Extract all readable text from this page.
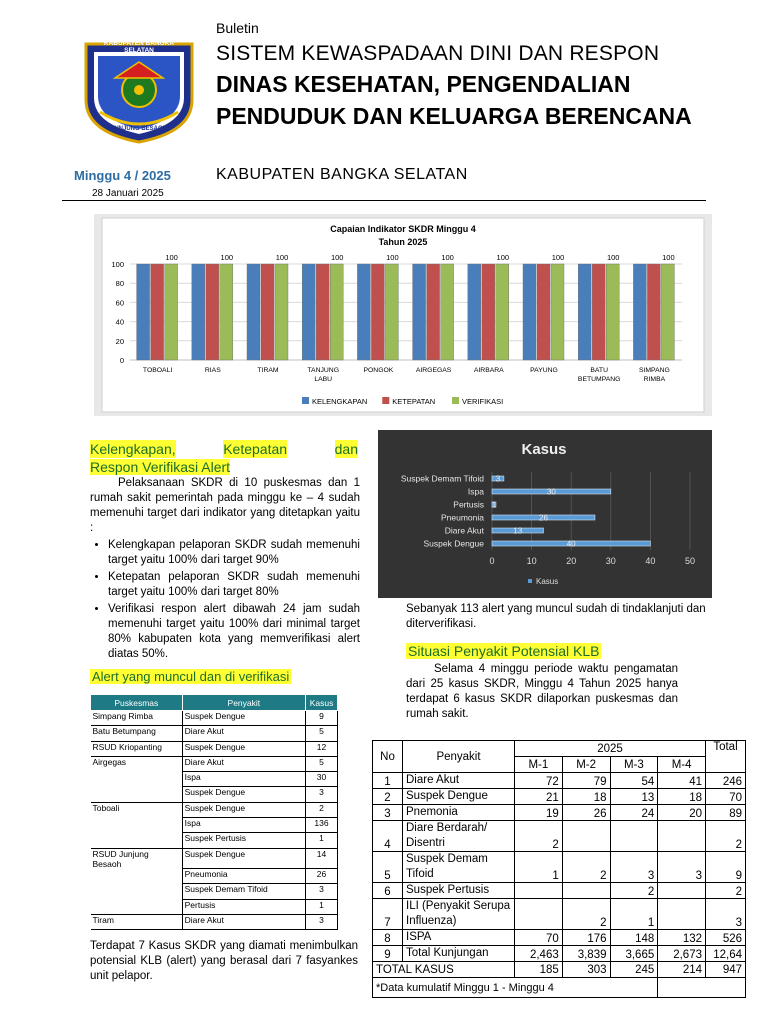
KABUPATEN BANGKA SELATAN
JUNJUNG BESAOH
Buletin
SISTEM KEWASPADAAN DINI DAN RESPON
DINAS KESEHATAN, PENGENDALIAN PENDUDUK DAN KELUARGA BERENCANA
Minggu 4 / 2025
28 Januari 2025
KABUPATEN BANGKA SELATAN
Capaian Indikator SKDR Minggu 4
Tahun 2025
0
20
40
60
80
100
100
TOBOALI
100
RIAS
100
TIRAM
100
TANJUNG
LABU
100
PONGOK
100
AIRGEGAS
100
AIRBARA
100
PAYUNG
100
BATU
BETUMPANG
100
SIMPANG
RIMBA
KELENGKAPAN	KETEPATAN	VERIFIKASI
Kelengkapan,	Ketepatan	dan
Respon Verifikasi Alert
Pelaksanaan SKDR di 10 puskesmas dan 1 rumah sakit pemerintah pada minggu ke – 4 sudah memenuhi target dari indikator yang ditetapkan yaitu :
• Kelengkapan pelaporan SKDR sudah memenuhi target yaitu 100% dari target 90%
• Ketepatan pelaporan SKDR sudah memenuhi target yaitu 100% dari target 80%
• Verifikasi respon alert dibawah 24 jam sudah memenuhi target yaitu 100% dari minimal target 80% kabupaten kota yang memverifikasi alert diatas 50%.
Alert yang muncul dan di verifikasi
Kasus
3
30
1
26
13
40
Suspek Demam Tifoid
Ispa
Pertusis
Pneumonia
Diare Akut
Suspek Dengue
0	10	20	30	40	50
Kasus
Sebanyak 113 alert yang muncul sudah di tindaklanjuti dan diterverifikasi.
Situasi Penyakit Potensial KLB
Selama 4 minggu periode waktu pengamatan dari 25 kasus SKDR, Minggu 4 Tahun 2025 hanya terdapat 6 kasus SKDR dilaporkan puskesmas dan rumah sakit.
Puskesmas	Penyakit	Kasus
Simpang Rimba	Suspek Dengue	9
Batu Betumpang	Diare Akut	5
RSUD Kriopanting	Suspek Dengue	12
Airgegas	Diare Akut	5
	Ispa	30
	Suspek Dengue	3
Toboali	Suspek Dengue	2
	Ispa	136
	Suspek Pertusis	1
RSUD Junjung Besaoh	Suspek Dengue	14
	Pneumonia	26
	Suspek Demam Tifoid	3
	Pertusis	1
Tiram	Diare Akut	3
Terdapat 7 Kasus SKDR yang diamati menimbulkan potensial KLB (alert) yang berasal dari 7 fasyankes unit pelapor.
No	Penyakit	2025				Total
		M-1	M-2	M-3	M-4	
1	Diare Akut	72	79	54	41	246
2	Suspek Dengue	21	18	13	18	70
3	Pnemonia	19	26	24	20	89
4	Diare Berdarah/ Disentri	2				2
5	Suspek Demam Tifoid	1	2	3	3	9
6	Suspek Pertusis			2		2
7	ILI (Penyakit Serupa Influenza)		2	1		3
8	ISPA	70	176	148	132	526
9	Total Kunjungan	2,463	3,839	3,665	2,673	12,64
TOTAL KASUS		185	303	245	214	947
*Data kumulatif Minggu 1 - Minggu 4						
